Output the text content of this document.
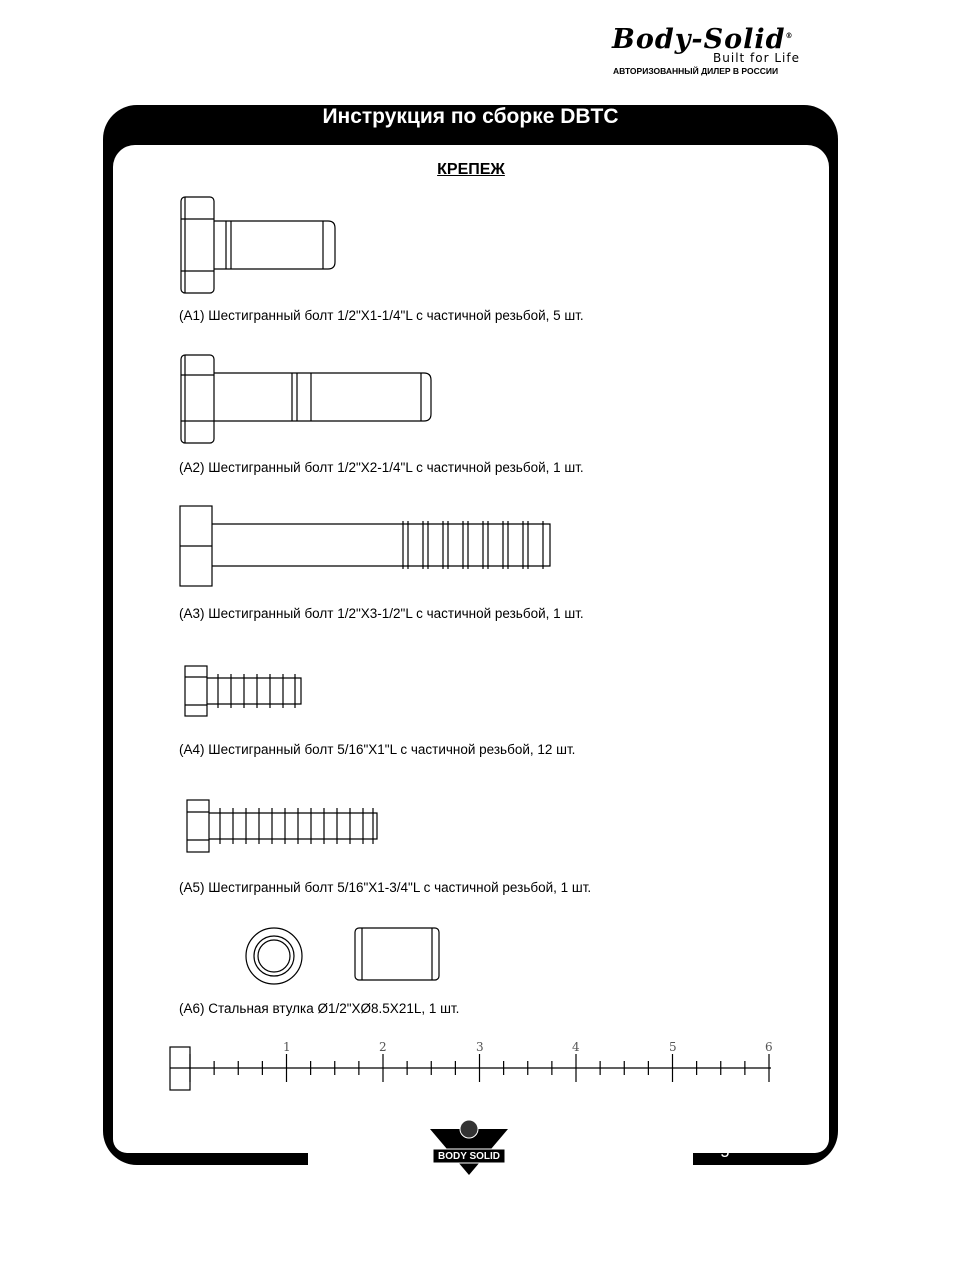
Body-Solid®
Built for Life
АВТОРИЗОВАННЫЙ ДИЛЕР В РОССИИ
Инструкция по сборке DBTC
КРЕПЕЖ
(A1) Шестигранный болт 1/2"X1-1/4"L с частичной резьбой, 5 шт.
(A2) Шестигранный болт 1/2"X2-1/4"L с частичной резьбой, 1 шт.
(A3) Шестигранный болт 1/2"X3-1/2"L с частичной резьбой, 1 шт.
(A4) Шестигранный болт 5/16"X1"L с частичной резьбой, 12 шт.
(A5) Шестигранный болт 5/16"X1-3/4"L с частичной резьбой, 1 шт.
(A6) Стальная втулка Ø1/2"XØ8.5X21L, 1 шт.
1	2	3	4	5	6
DBTC.1-102006	Page 1.1
BODY SOLID
